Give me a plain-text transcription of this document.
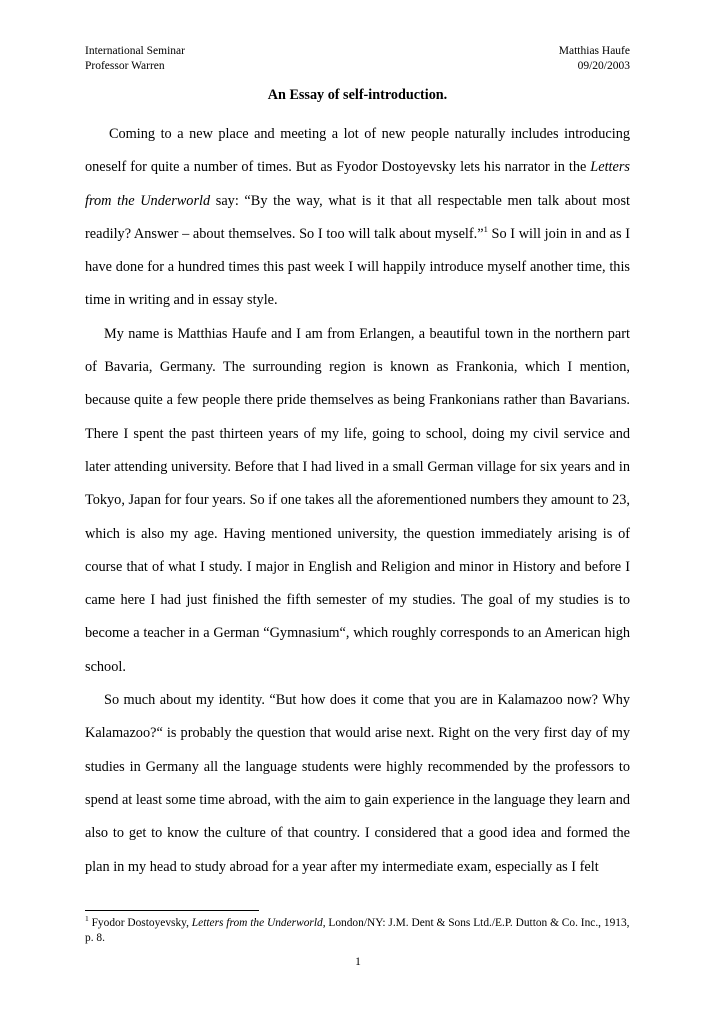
International Seminar
Professor Warren
Matthias Haufe
09/20/2003
An Essay of self-introduction.

Coming to a new place and meeting a lot of new people naturally includes introducing oneself for quite a number of times. But as Fyodor Dostoyevsky lets his narrator in the Letters from the Underworld say: “By the way, what is it that all respectable men talk about most readily? Answer – about themselves. So I too will talk about myself.”$^1$ So I will join in and as I have done for a hundred times this past week I will happily introduce myself another time, this time in writing and in essay style.

My name is Matthias Haufe and I am from Erlangen, a beautiful town in the northern part of Bavaria, Germany. The surrounding region is known as Frankonia, which I mention, because quite a few people there pride themselves as being Frankonians rather than Bavarians. There I spent the past thirteen years of my life, going to school, doing my civil service and later attending university. Before that I had lived in a small German village for six years and in Tokyo, Japan for four years. So if one takes all the aforementioned numbers they amount to 23, which is also my age. Having mentioned university, the question immediately arising is of course that of what I study. I major in English and Religion and minor in History and before I came here I had just finished the fifth semester of my studies. The goal of my studies is to become a teacher in a German “Gymnasium“, which roughly corresponds to an American high school.

So much about my identity. “But how does it come that you are in Kalamazoo now? Why Kalamazoo?“ is probably the question that would arise next. Right on the very first day of my studies in Germany all the language students were highly recommended by the professors to spend at least some time abroad, with the aim to gain experience in the language they learn and also to get to know the culture of that country. I considered that a good idea and formed the plan in my head to study abroad for a year after my intermediate exam, especially as I felt

$^1$ Fyodor Dostoyevsky, Letters from the Underworld, London/NY: J.M. Dent & Sons Ltd./E.P. Dutton & Co. Inc., 1913, p. 8.
1
